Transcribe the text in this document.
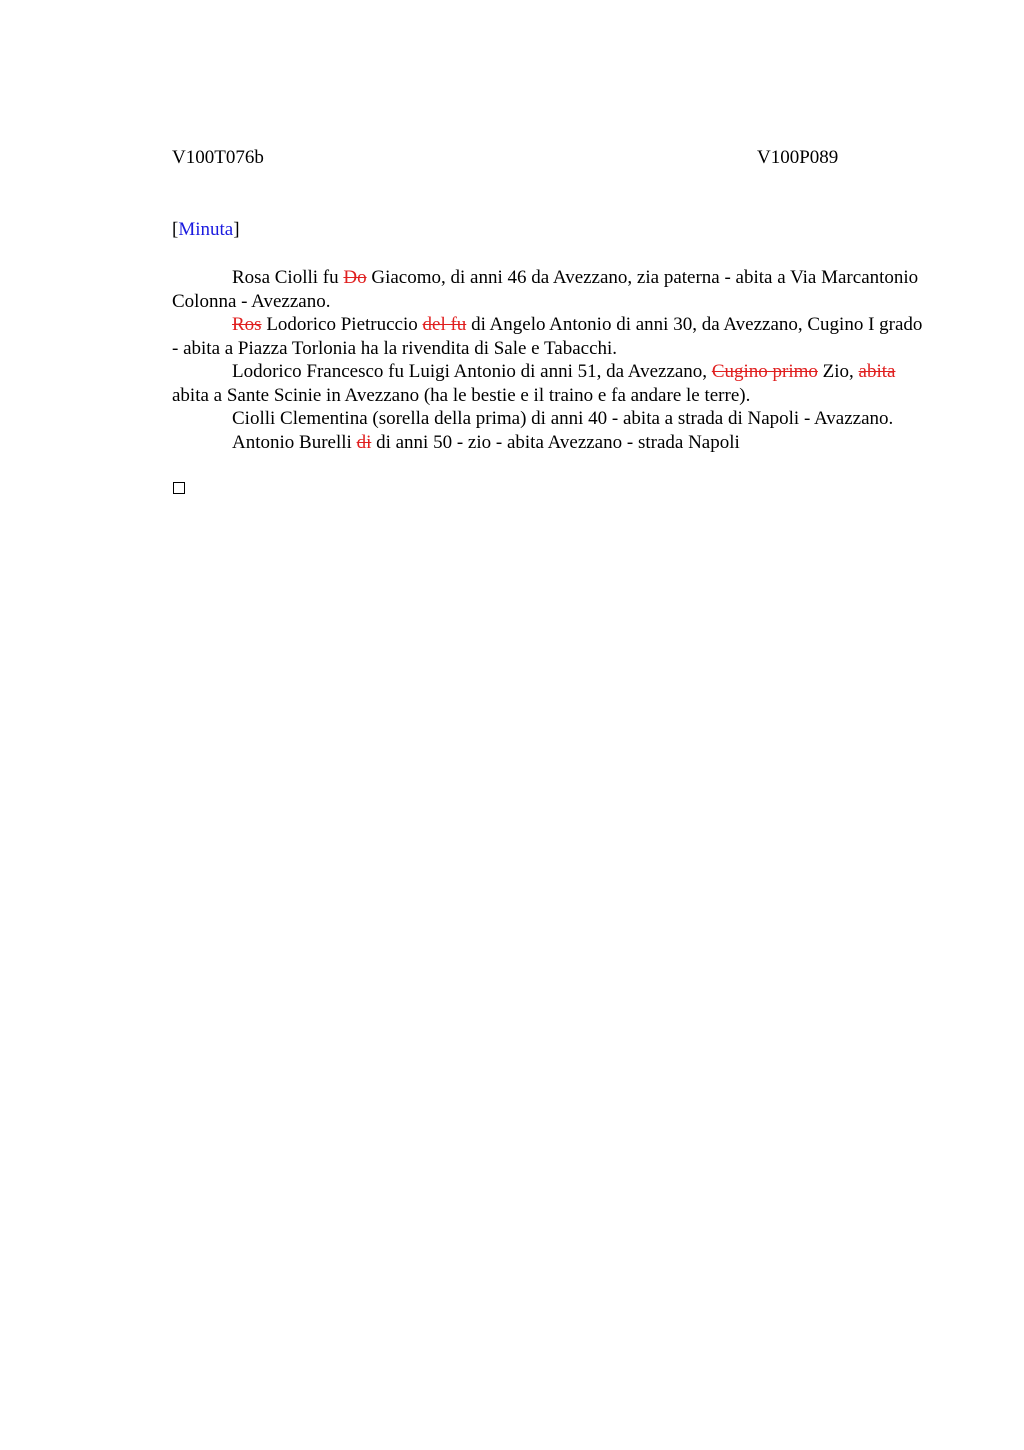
V100T076b	V100P089
[Minuta]

Rosa Ciolli fu Do Giacomo, di anni 46 da Avezzano, zia paterna - abita a Via Marcantonio Colonna - Avezzano.

Ros Lodorico Pietruccio del fu di Angelo Antonio di anni 30, da Avezzano, Cugino I grado - abita a Piazza Torlonia ha la rivendita di Sale e Tabacchi.

Lodorico Francesco fu Luigi Antonio di anni 51, da Avezzano, Cugino primo Zio, abita abita a Sante Scinie in Avezzano (ha le bestie e il traino e fa andare le terre).

Ciolli Clementina (sorella della prima) di anni 40 - abita a strada di Napoli - Avazzano.

Antonio Burelli di di anni 50 - zio - abita Avezzano - strada Napoli
